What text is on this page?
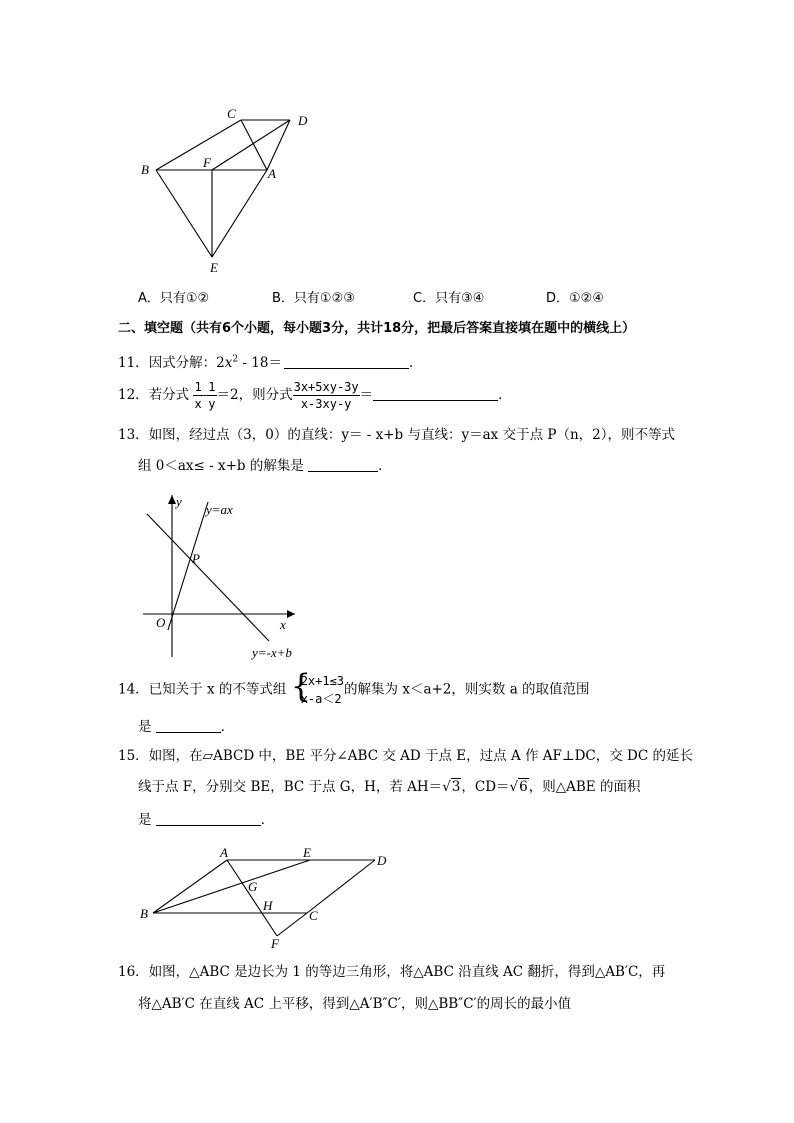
C	D
B	F
A
E
A．只有①②	B．只有①②③	C．只有③④	D．①②④
二、填空题（共有6个小题，每小题3分，共计18分，把最后答案直接填在题中的横线上）
11．因式分解：$2x^2 - 18=$	．
12．若分式 $\frac{1}{x} - \frac{1}{y} =2$，则分式 $\frac{3x+5xy-3y}{x-3xy-y}$ ＝	．
13．如图，经过点（3，0）的直线：y＝ - x+b 与直线：y＝ax 交于点 P（n，2），则不等式
组 0＜ax≤ - x+b 的解集是	．
y
x
O
P
y=ax
y=-x+b
14．已知关于 x 的不等式组 {
2x+1≤3
x-a＜2
的解集为 x＜a+2，则实数 a 的取值范围
是	．
15．如图，在▱ABCD 中，BE 平分∠ABC 交 AD 于点 E，过点 A 作 AF⊥DC，交 DC 的延长
线于点 F，分别交 BE，BC 于点 G，H，若 AH＝√3，CD＝√6，则△ABE 的面积
是	．
A	E
D
G
B
H
C
F
16．如图，△ABC 是边长为 1 的等边三角形，将△ABC 沿直线 AC 翻折，得到△AB′C，再
将△AB′C 在直线 AC 上平移，得到△A′B″C′，则△BB″C′的周长的最小值
